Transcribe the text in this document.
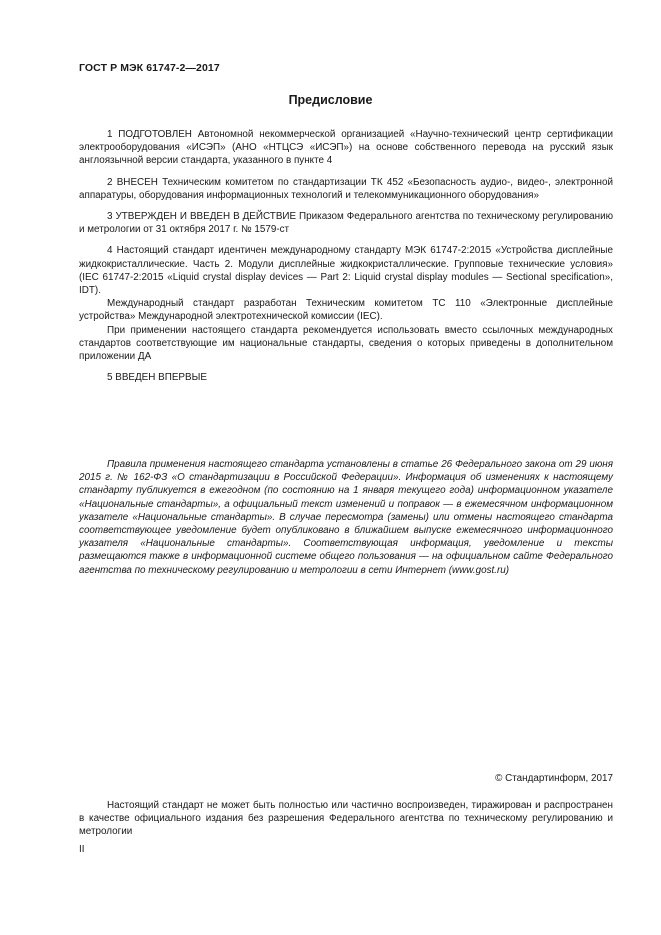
ГОСТ Р МЭК 61747-2—2017
Предисловие

1 ПОДГОТОВЛЕН Автономной некоммерческой организацией «Научно-технический центр сертификации электрооборудования «ИСЭП» (АНО «НТЦСЭ «ИСЭП») на основе собственного перевода на русский язык англоязычной версии стандарта, указанного в пункте 4

2 ВНЕСЕН Техническим комитетом по стандартизации ТК 452 «Безопасность аудио-, видео-, электронной аппаратуры, оборудования информационных технологий и телекоммуникационного оборудования»

3 УТВЕРЖДЕН И ВВЕДЕН В ДЕЙСТВИЕ Приказом Федерального агентства по техническому регулированию и метрологии от 31 октября 2017 г. № 1579-ст

4 Настоящий стандарт идентичен международному стандарту МЭК 61747-2:2015 «Устройства дисплейные жидкокристаллические. Часть 2. Модули дисплейные жидкокристаллические. Групповые технические условия» (IEC 61747-2:2015 «Liquid crystal display devices — Part 2: Liquid crystal display modules — Sectional specification», IDT).

Международный стандарт разработан Техническим комитетом ТС 110 «Электронные дисплейные устройства» Международной электротехнической комиссии (IEC).

При применении настоящего стандарта рекомендуется использовать вместо ссылочных международных стандартов соответствующие им национальные стандарты, сведения о которых приведены в дополнительном приложении ДА

5 ВВЕДЕН ВПЕРВЫЕ

Правила применения настоящего стандарта установлены в статье 26 Федерального закона от 29 июня 2015 г. № 162-ФЗ «О стандартизации в Российской Федерации». Информация об изменениях к настоящему стандарту публикуется в ежегодном (по состоянию на 1 января текущего года) информационном указателе «Национальные стандарты», а официальный текст изменений и поправок — в ежемесячном информационном указателе «Национальные стандарты». В случае пересмотра (замены) или отмены настоящего стандарта соответствующее уведомление будет опубликовано в ближайшем выпуске ежемесячного информационного указателя «Национальные стандарты». Соответствующая информация, уведомление и тексты размещаются также в информационной системе общего пользования — на официальном сайте Федерального агентства по техническому регулированию и метрологии в сети Интернет (www.gost.ru)

© Стандартинформ, 2017

Настоящий стандарт не может быть полностью или частично воспроизведен, тиражирован и распространен в качестве официального издания без разрешения Федерального агентства по техническому регулированию и метрологии

II
